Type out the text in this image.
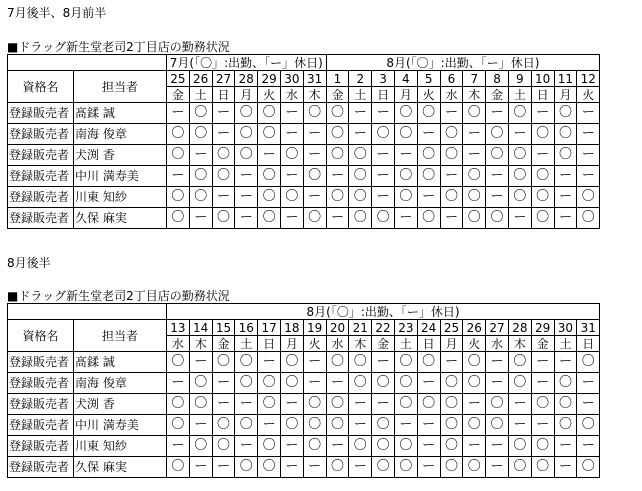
7月後半、8月前半
■ドラッグ新生堂老司2丁目店の勤務状況
		7月(「〇」:出勤、「ー」休日)							8月(「〇」:出勤、「ー」休日)											
資格名	担当者	25	26	27	28	29	30	31	1	2	3	4	5	6	7	8	9	10	11	12
		金	土	日	月	火	水	木	金	土	日	月	火	水	木	金	土	日	月	火
登録販売者	髙鍒 誠	ー	〇	ー	〇	〇	ー	〇	〇	ー	ー	〇	〇	ー	〇	ー	〇	ー	〇	ー
登録販売者	南海 俊章	〇	〇	ー	〇	〇	ー	ー	〇	ー	〇	〇	ー	〇	ー	〇	ー	〇	〇	ー
登録販売者	犬渕 香	〇	ー	〇	〇	ー	〇	ー	〇	〇	ー	ー	〇	〇	ー	〇	〇	ー	〇	ー
登録販売者	中川 満寿美	ー	〇	〇	ー	〇	ー	〇	ー	〇	ー	〇	〇	ー	〇	ー	〇	〇	ー	ー
登録販売者	川東 知紗	〇	〇	ー	ー	〇	〇	ー	〇	〇	ー	〇	ー	〇	〇	ー	〇	〇	ー	〇
登録販売者	久保 麻実	〇	ー	〇	ー	〇	ー	〇	ー	〇	〇	ー	〇	ー	〇	〇	ー	〇	ー	〇
8月後半
■ドラッグ新生堂老司2丁目店の勤務状況
		8月(「〇」:出勤、「ー」休日)																		
資格名	担当者	13	14	15	16	17	18	19	20	21	22	23	24	25	26	27	28	29	30	31
		水	木	金	土	日	月	火	水	木	金	土	日	月	火	水	木	金	土	日
登録販売者	髙鍒 誠	〇	ー	〇	〇	ー	〇	ー	〇	〇	ー	〇	〇	ー	〇	ー	〇	ー	ー	〇
登録販売者	南海 俊章	ー	〇	ー	〇	〇	〇	ー	ー	〇	〇	〇	ー	〇	〇	ー	〇	ー	〇	ー
登録販売者	犬渕 香	〇	〇	ー	ー	〇	ー	〇	〇	ー	ー	〇	〇	〇	ー	〇	ー	〇	〇	ー
登録販売者	中川 満寿美	〇	ー	〇	〇	ー	〇	〇	〇	ー	〇	ー	ー	〇	〇	〇	ー	ー	〇	〇
登録販売者	川東 知紗	ー	〇	〇	ー	〇	ー	〇	ー	〇	〇	〇	ー	〇	ー	ー	〇	〇	ー	ー
登録販売者	久保 麻実	〇	ー	ー	〇	〇	ー	ー	〇	ー	〇	〇	ー	〇	〇	ー	〇	〇	ー	〇
